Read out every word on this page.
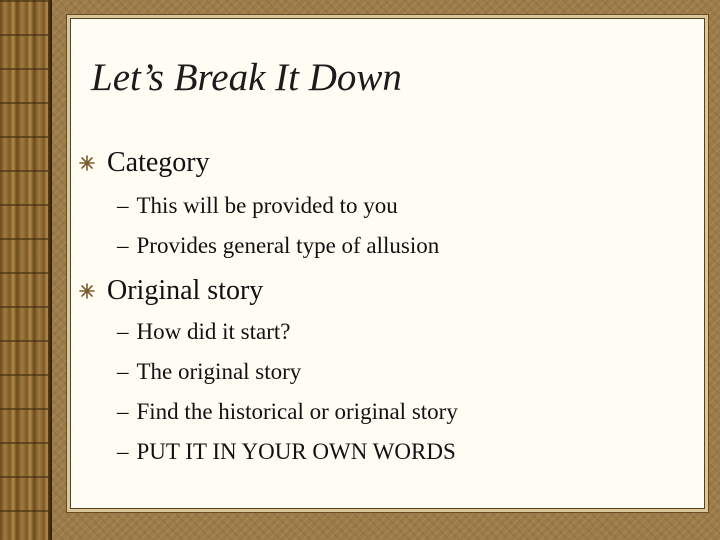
Let’s Break It Down
Category
– This will be provided to you
– Provides general type of allusion
Original story
– How did it start?
– The original story
– Find the historical or original story
– PUT IT IN YOUR OWN WORDS
